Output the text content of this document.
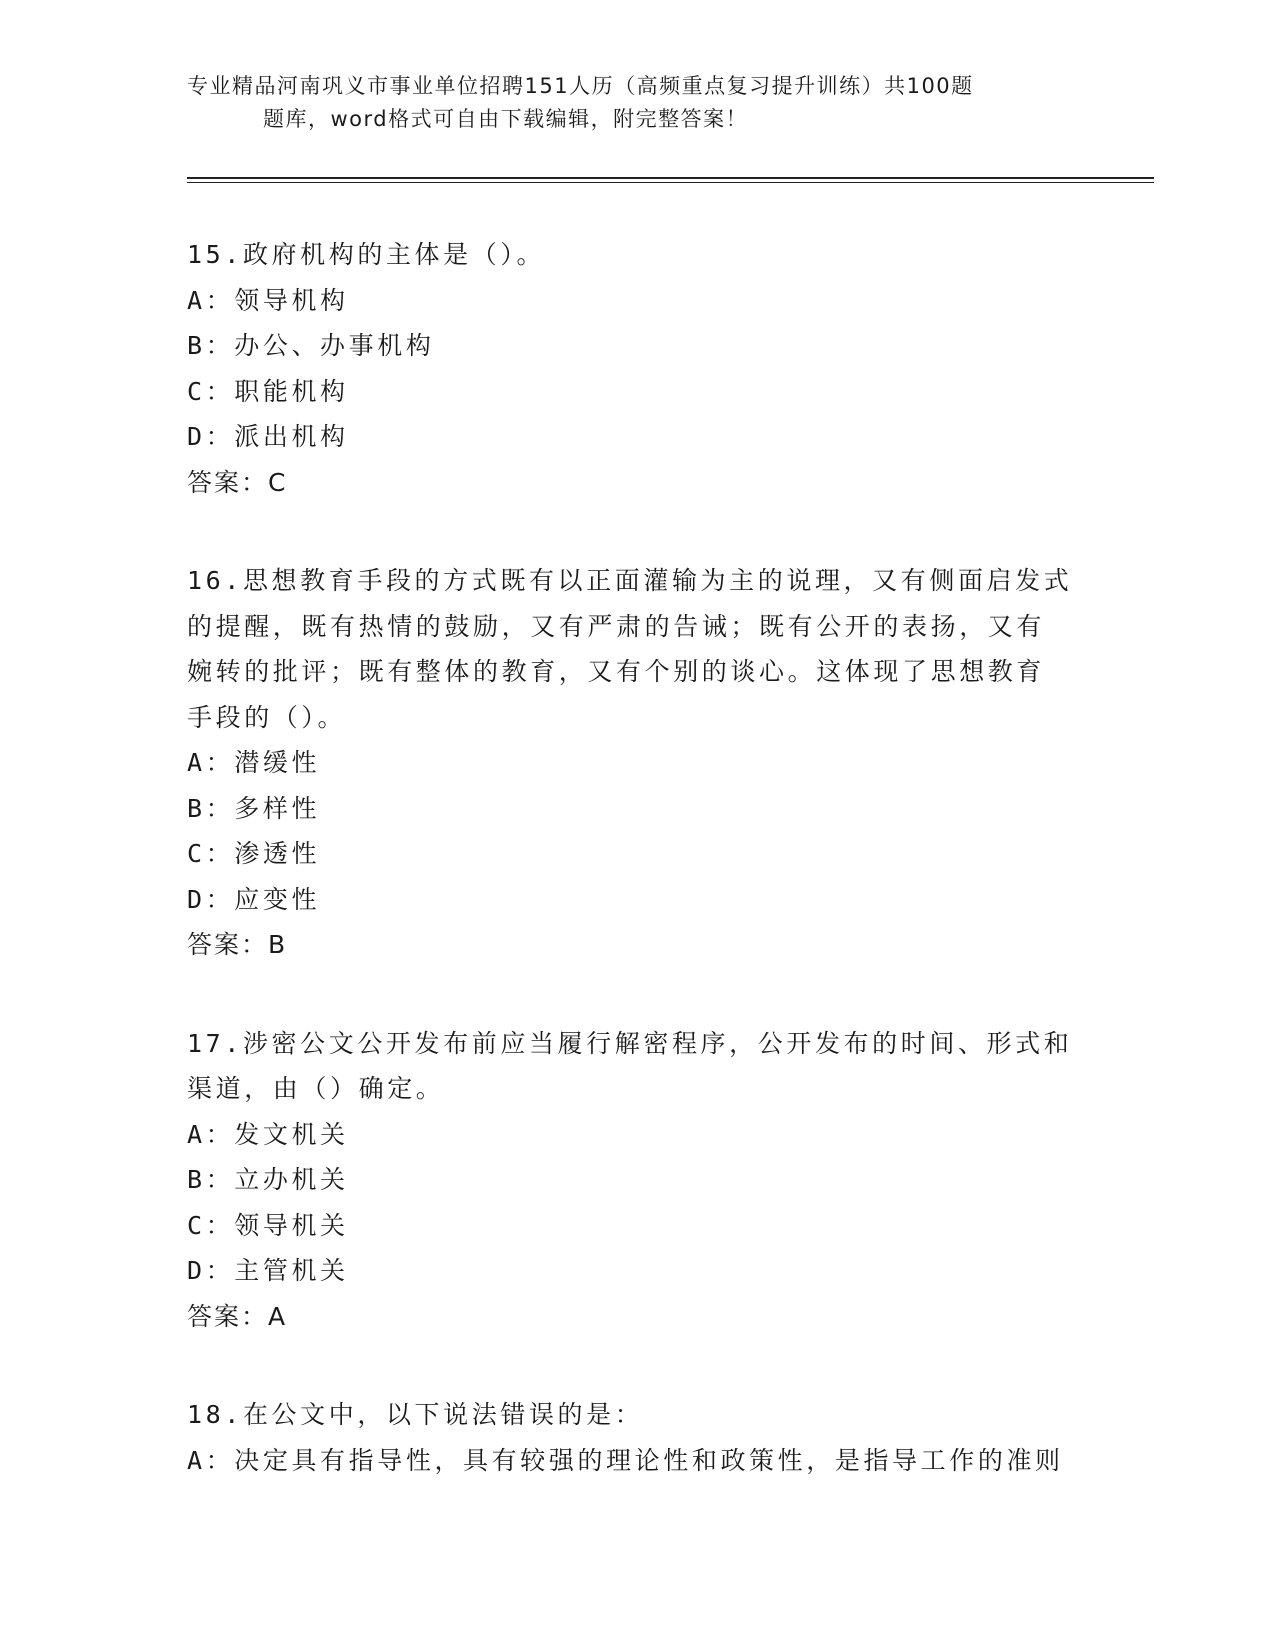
专业精品河南巩义市事业单位招聘151人历（高频重点复习提升训练）共100题
题库，word格式可自由下载编辑，附完整答案！
15.政府机构的主体是（）。
A：领导机构
B：办公、办事机构
C：职能机构
D：派出机构
答案：C
16.思想教育手段的方式既有以正面灌输为主的说理，又有侧面启发式
的提醒，既有热情的鼓励，又有严肃的告诫；既有公开的表扬，又有
婉转的批评；既有整体的教育，又有个别的谈心。这体现了思想教育
手段的（）。
A：潜缓性
B：多样性
C：渗透性
D：应变性
答案：B
17.涉密公文公开发布前应当履行解密程序，公开发布的时间、形式和
渠道，由（）确定。
A：发文机关
B：立办机关
C：领导机关
D：主管机关
答案：A
18.在公文中，以下说法错误的是：
A：决定具有指导性，具有较强的理论性和政策性，是指导工作的准则
